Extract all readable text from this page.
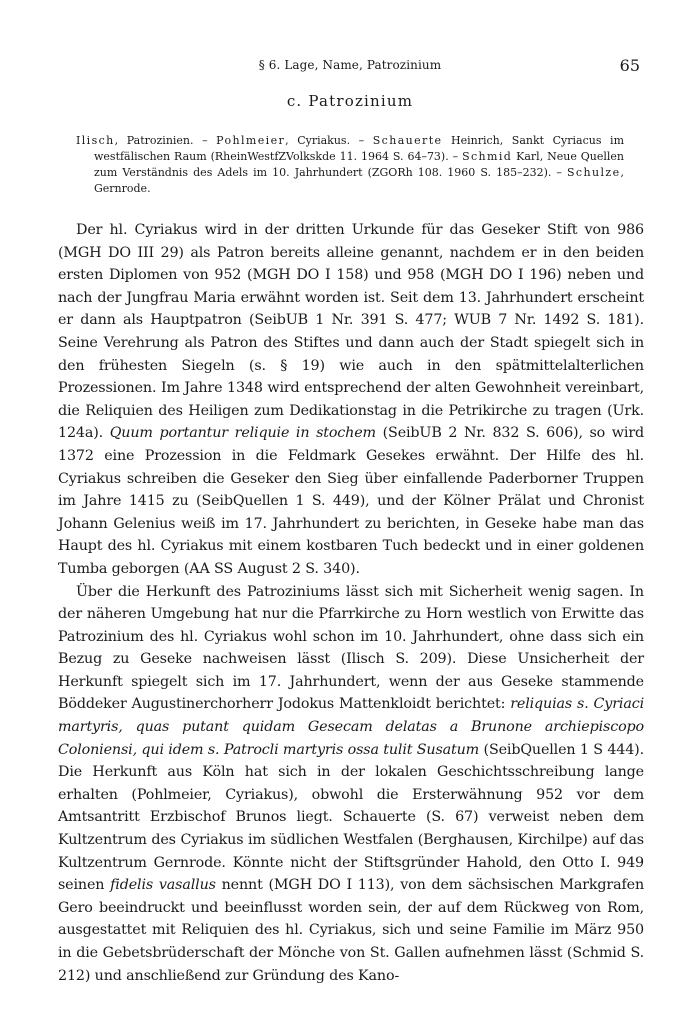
§ 6. Lage, Name, Patrozinium	65
c. Patrozinium

Ilisch, Patrozinien. – Pohlmeier, Cyriakus. – Schauerte Heinrich, Sankt Cyriacus im westfälischen Raum (RheinWestfZVolkskde 11. 1964 S. 64–73). – Schmid Karl, Neue Quellen zum Verständnis des Adels im 10. Jahrhundert (ZGORh 108. 1960 S. 185–232). – Schulze, Gernrode.

Der hl. Cyriakus wird in der dritten Urkunde für das Geseker Stift von 986 (MGH DO III 29) als Patron bereits alleine genannt, nachdem er in den beiden ersten Diplomen von 952 (MGH DO I 158) und 958 (MGH DO I 196) neben und nach der Jungfrau Maria erwähnt worden ist. Seit dem 13. Jahrhundert erscheint er dann als Hauptpatron (SeibUB 1 Nr. 391 S. 477; WUB 7 Nr. 1492 S. 181). Seine Verehrung als Patron des Stiftes und dann auch der Stadt spiegelt sich in den frühesten Siegeln (s. § 19) wie auch in den spätmittelalterlichen Prozessionen. Im Jahre 1348 wird entsprechend der alten Gewohnheit vereinbart, die Reliquien des Heiligen zum Dedikationstag in die Petrikirche zu tragen (Urk. 124a). Quum portantur reliquie in stochem (SeibUB 2 Nr. 832 S. 606), so wird 1372 eine Prozession in die Feldmark Gesekes erwähnt. Der Hilfe des hl. Cyriakus schreiben die Geseker den Sieg über einfallende Paderborner Truppen im Jahre 1415 zu (SeibQuellen 1 S. 449), und der Kölner Prälat und Chronist Johann Gelenius weiß im 17. Jahrhundert zu berichten, in Geseke habe man das Haupt des hl. Cyriakus mit einem kostbaren Tuch bedeckt und in einer goldenen Tumba geborgen (AA SS August 2 S. 340).

Über die Herkunft des Patroziniums lässt sich mit Sicherheit wenig sagen. In der näheren Umgebung hat nur die Pfarrkirche zu Horn westlich von Erwitte das Patrozinium des hl. Cyriakus wohl schon im 10. Jahrhundert, ohne dass sich ein Bezug zu Geseke nachweisen lässt (Ilisch S. 209). Diese Unsicherheit der Herkunft spiegelt sich im 17. Jahrhundert, wenn der aus Geseke stammende Böddeker Augustinerchorherr Jodokus Mattenkloidt berichtet: reliquias s. Cyriaci martyris, quas putant quidam Gesecam delatas a Brunone archiepiscopo Coloniensi, qui idem s. Patrocli martyris ossa tulit Susatum (SeibQuellen 1 S 444). Die Herkunft aus Köln hat sich in der lokalen Geschichtsschreibung lange erhalten (Pohlmeier, Cyriakus), obwohl die Ersterwähnung 952 vor dem Amtsantritt Erzbischof Brunos liegt. Schauerte (S. 67) verweist neben dem Kultzentrum des Cyriakus im südlichen Westfalen (Berghausen, Kirchilpe) auf das Kultzentrum Gernrode. Könnte nicht der Stiftsgründer Hahold, den Otto I. 949 seinen fidelis vasallus nennt (MGH DO I 113), von dem sächsischen Markgrafen Gero beeindruckt und beeinflusst worden sein, der auf dem Rückweg von Rom, ausgestattet mit Reliquien des hl. Cyriakus, sich und seine Familie im März 950 in die Gebetsbrüderschaft der Mönche von St. Gallen aufnehmen lässt (Schmid S. 212) und anschließend zur Gründung des Kano-
